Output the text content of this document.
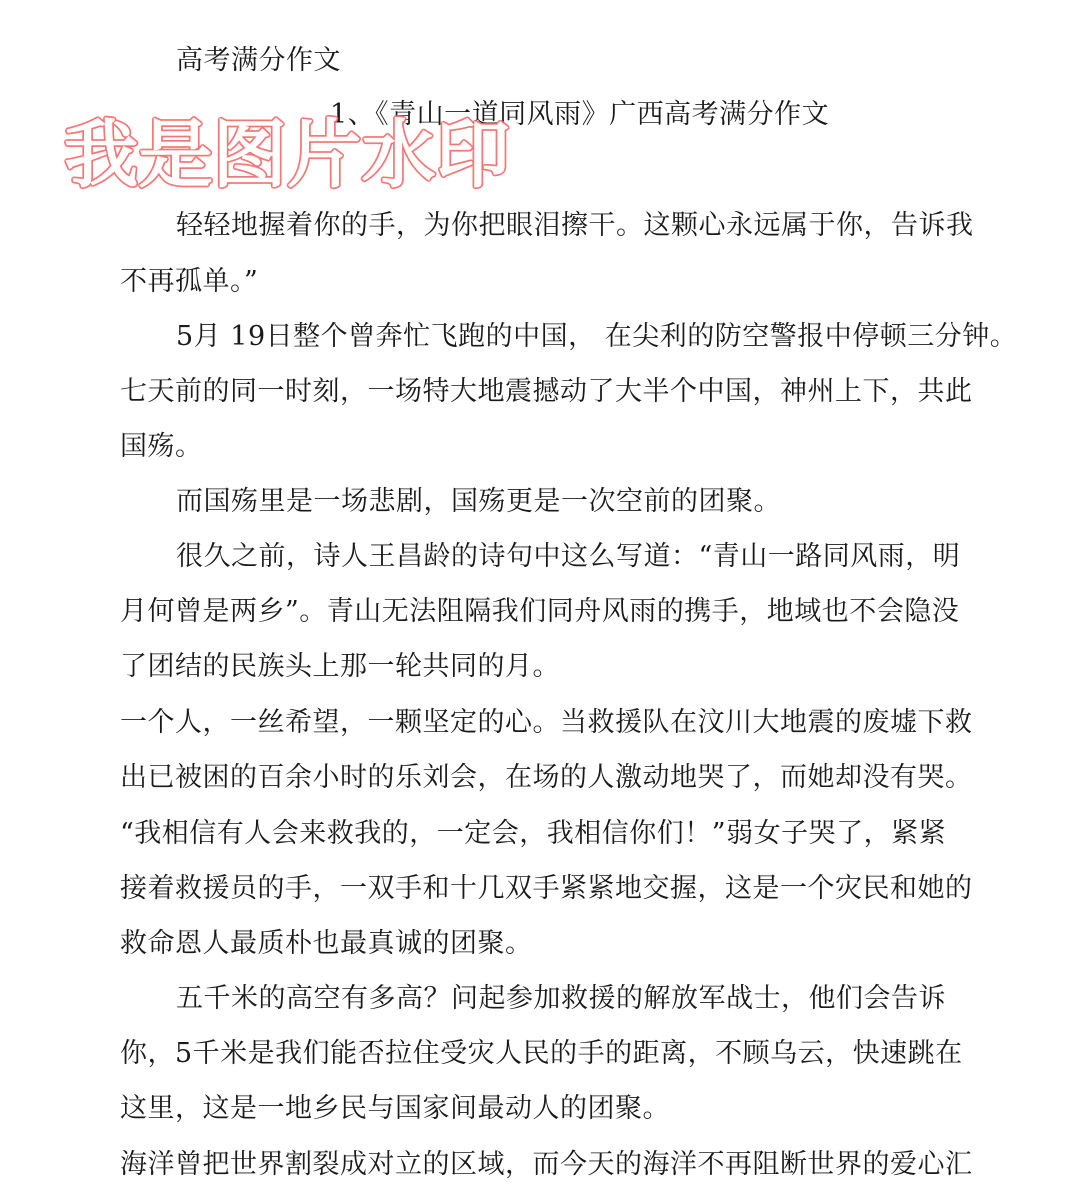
高考满分作文
1、《青山一道同风雨》广西高考满分作文
轻轻地握着你的手，为你把眼泪擦干。这颗心永远属于你，告诉我
不再孤单。”
5月 19日整个曾奔忙飞跑的中国， 在尖利的防空警报中停顿三分钟。
七天前的同一时刻，一场特大地震撼动了大半个中国，神州上下，共此
国殇。
而国殇里是一场悲剧，国殇更是一次空前的团聚。
很久之前，诗人王昌龄的诗句中这么写道：“青山一路同风雨，明
月何曾是两乡”。青山无法阻隔我们同舟风雨的携手，地域也不会隐没
了团结的民族头上那一轮共同的月。
一个人，一丝希望，一颗坚定的心。当救援队在汶川大地震的废墟下救
出已被困的百余小时的乐刘会，在场的人激动地哭了，而她却没有哭。
“我相信有人会来救我的，一定会，我相信你们！”弱女子哭了，紧紧
接着救援员的手，一双手和十几双手紧紧地交握，这是一个灾民和她的
救命恩人最质朴也最真诚的团聚。
五千米的高空有多高？问起参加救援的解放军战士，他们会告诉
你，5千米是我们能否拉住受灾人民的手的距离，不顾乌云，快速跳在
这里，这是一地乡民与国家间最动人的团聚。
海洋曾把世界割裂成对立的区域，而今天的海洋不再阻断世界的爱心汇
我是图片水印
